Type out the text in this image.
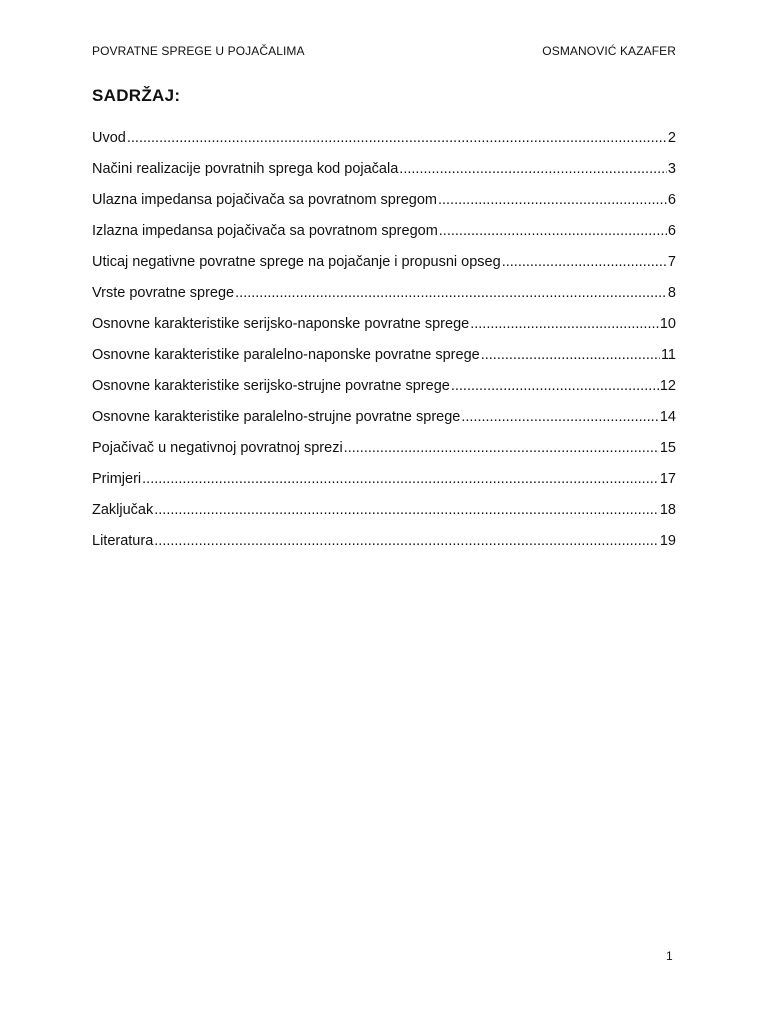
POVRATNE SPREGE U POJAČALIMA	OSMANOVIĆ KAZAFER
SADRŽAJ:
Uvod .....	2
Načini realizacije povratnih sprega kod pojačala .....	3
Ulazna impedansa pojačivača sa povratnom spregom .....	6
Izlazna impedansa pojačivača sa povratnom spregom .....	6
Uticaj negativne povratne sprege na pojačanje i propusni opseg .....	7
Vrste povratne sprege .....	8
Osnovne karakteristike serijsko-naponske povratne sprege .....	10
Osnovne karakteristike paralelno-naponske povratne sprege .....	11
Osnovne karakteristike serijsko-strujne povratne sprege .....	12
Osnovne karakteristike paralelno-strujne povratne sprege .....	14
Pojačivač u negativnoj povratnoj sprezi .....	15
Primjeri .....	17
Zaključak .....	18
Literatura .....	19
1
